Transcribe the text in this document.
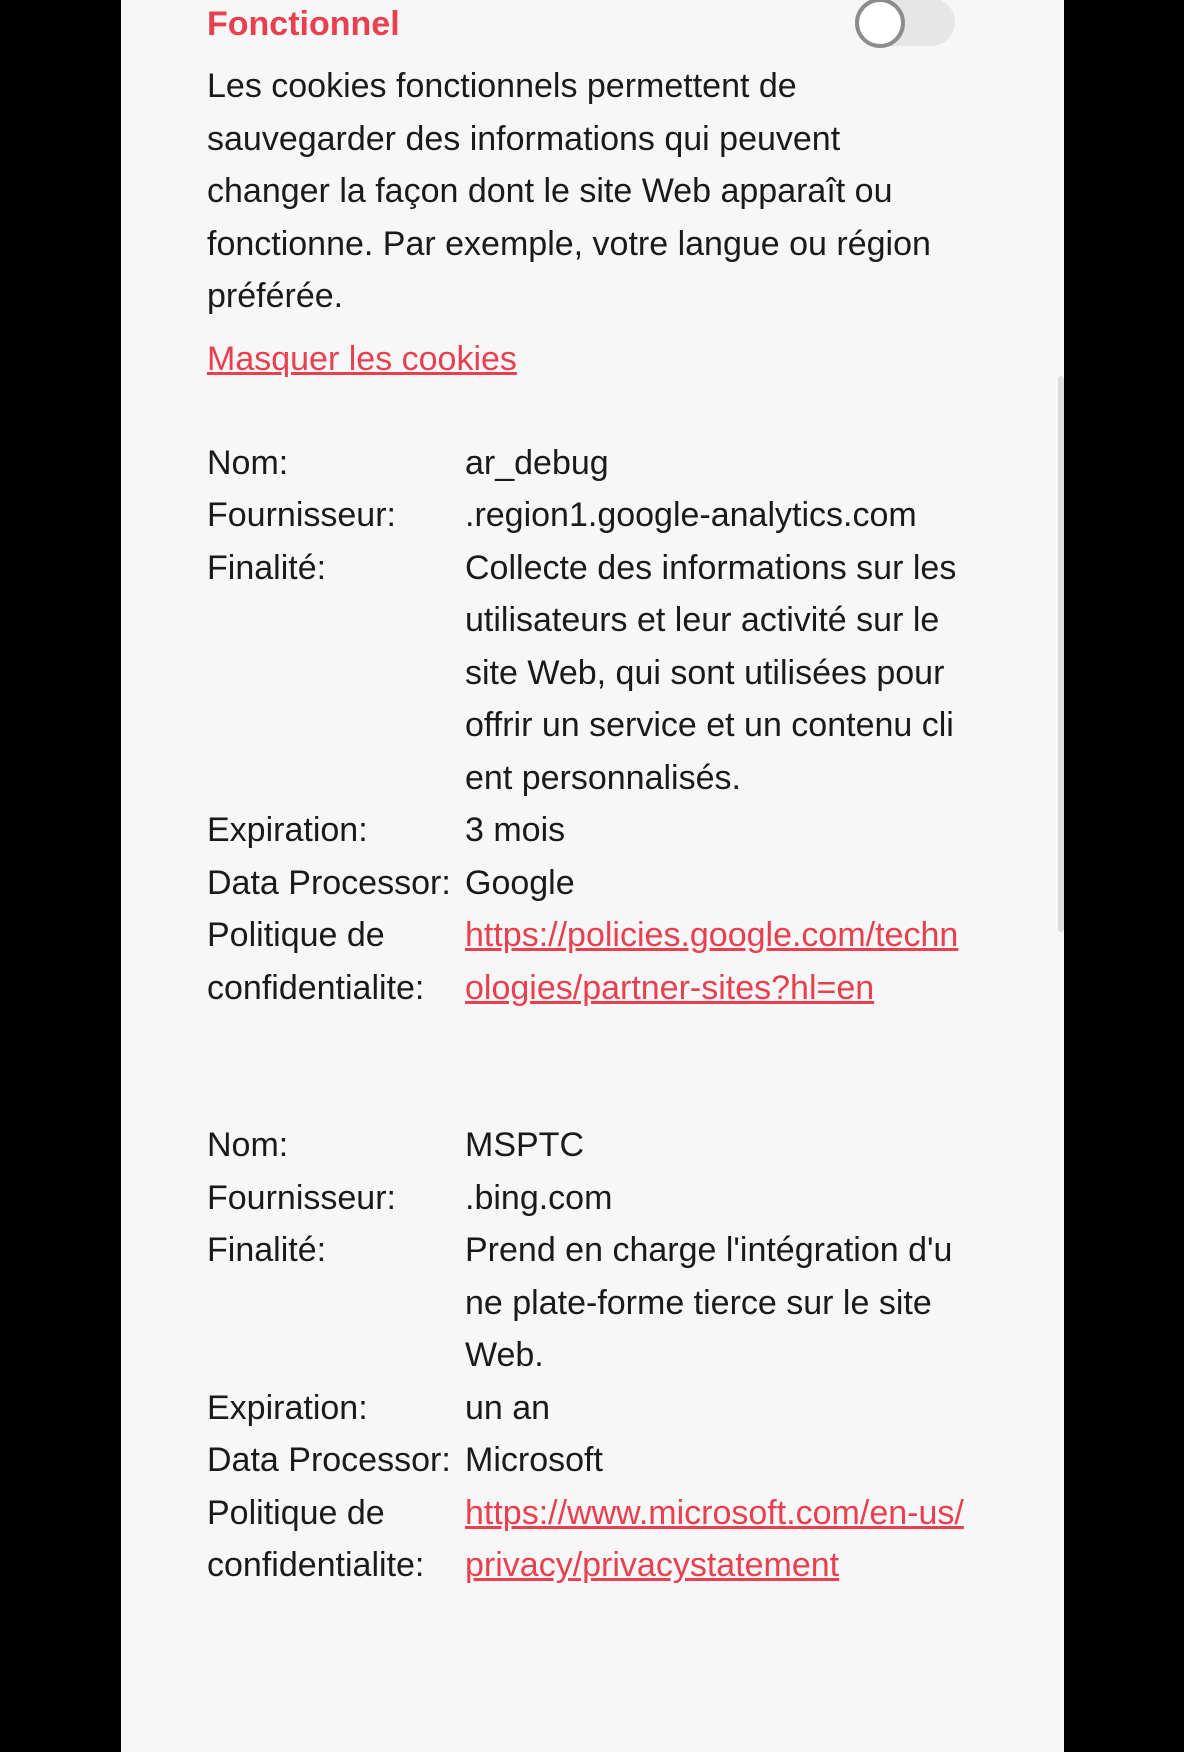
Fonctionnel

Les cookies fonctionnels permettent de sauvegarder des informations qui peuvent changer la façon dont le site Web apparaît ou fonctionne. Par exemple, votre langue ou région préférée.

Masquer les cookies
Nom:	ar_debug
Fournisseur:	.region1.google-analytics.com
Finalité:	Collecte des informations sur les utilisateurs et leur activité sur le site Web, qui sont utilisées pour offrir un service et un contenu client personnalisés.
Expiration:	3 mois
Data Processor:	Google
Politique de confidentialite:	https://policies.google.com/technologies/partner-sites?hl=en
Nom:	MSPTC
Fournisseur:	.bing.com
Finalité:	Prend en charge l'intégration d'une plate-forme tierce sur le site Web.
Expiration:	un an
Data Processor:	Microsoft
Politique de confidentialite:	https://www.microsoft.com/en-us/privacy/privacystatement
